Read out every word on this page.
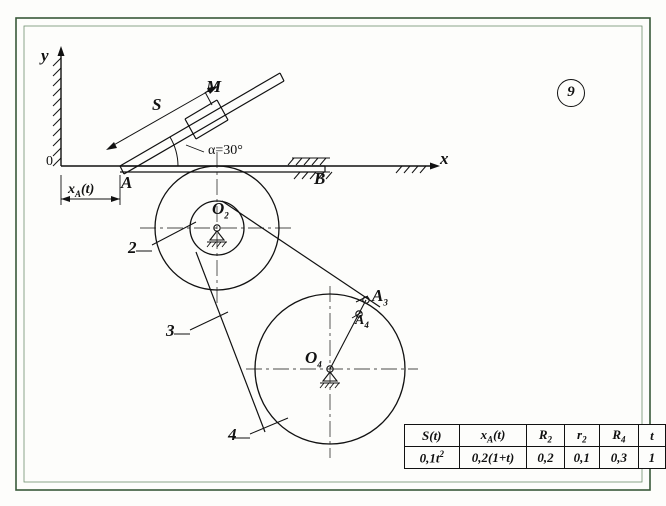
y
x
0
S
M
α=30°
A	B
$x_A(t)$
2
$O_2$
3
$A_3$
$A_4$
$O_4$
4
9
S(t)	$x_A(t)$	$R_2$	$r_2$	$R_4$	t
$0,1t^2$	0,2(1+t)	0,2	0,1	0,3	1
